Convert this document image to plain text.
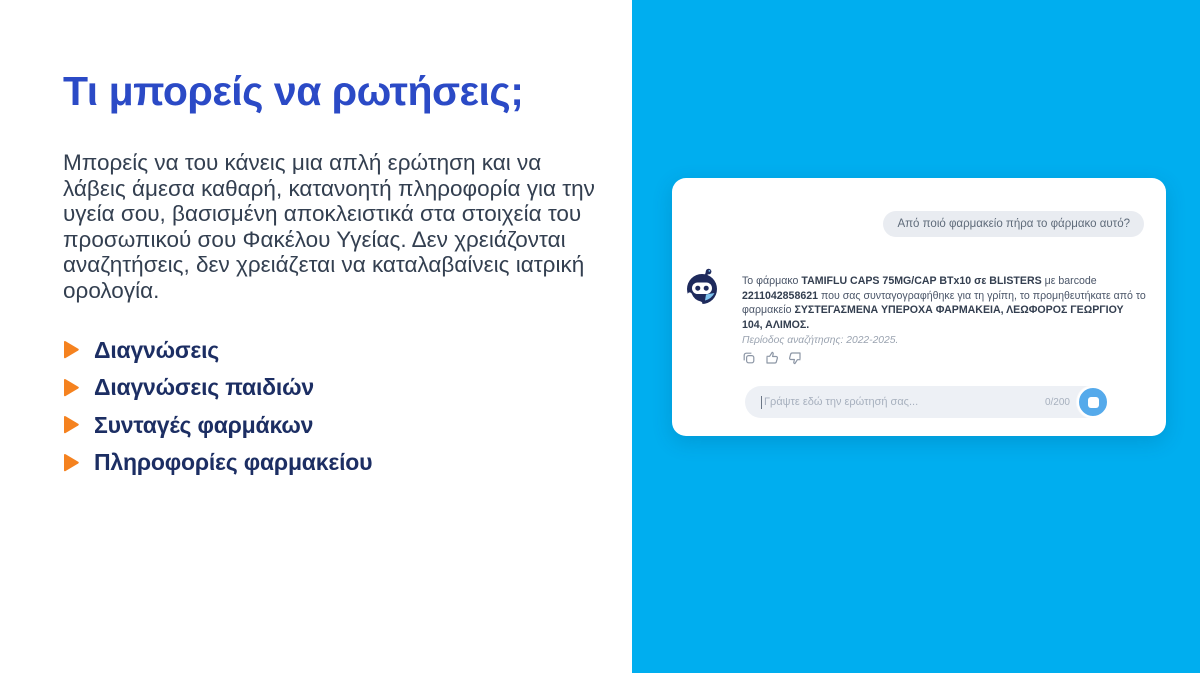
Τι μπορείς να ρωτήσεις;

Μπορείς να του κάνεις μια απλή ερώτηση και να λάβεις άμεσα καθαρή, κατανοητή πληροφορία για την υγεία σου, βασισμένη αποκλειστικά στα στοιχεία του προσωπικού σου Φακέλου Υγείας. Δεν χρειάζονται αναζητήσεις, δεν χρειάζεται να καταλαβαίνεις ιατρική ορολογία.

Διαγνώσεις
Διαγνώσεις παιδιών
Συνταγές φαρμάκων
Πληροφορίες φαρμακείου
Από ποιό φαρμακείο πήρα το φάρμακο αυτό?
Το φάρμακο TAMIFLU CAPS 75MG/CAP BTx10 σε BLISTERS με barcode 2211042858621 που σας συνταγογραφήθηκε για τη γρίπη, το προμηθευτήκατε από το φαρμακείο ΣΥΣΤΕΓΑΣΜΕΝΑ ΥΠΕΡΟΧΑ ΦΑΡΜΑΚΕΙΑ, ΛΕΩΦΟΡΟΣ ΓΕΩΡΓΙΟΥ 104, ΑΛΙΜΟΣ.
Περίοδος αναζήτησης: 2022-2025.
Γράψτε εδώ την ερώτησή σας...
0/200
